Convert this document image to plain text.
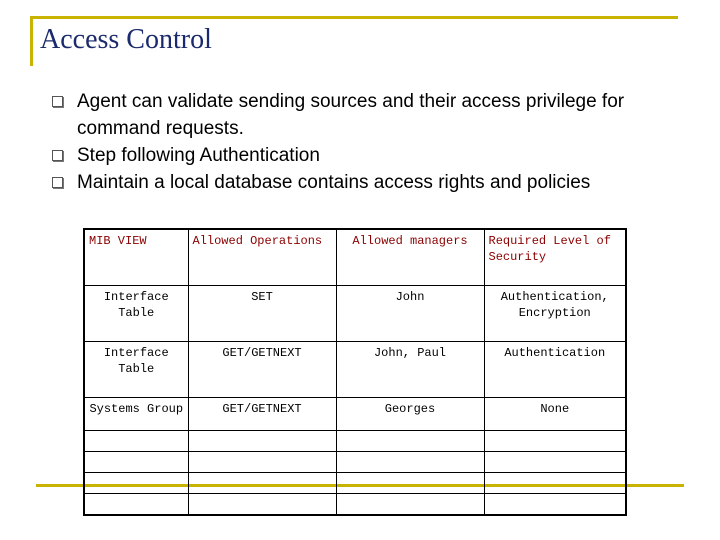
Access Control
Agent can validate sending sources and their access privilege for command requests.
Step following Authentication
Maintain a local database contains access rights and policies
MIB VIEW	Allowed Operations	Allowed managers	Required Level of Security
Interface Table	SET	John	Authentication, Encryption
Interface Table	GET/GETNEXT	John, Paul	Authentication
Systems Group	GET/GETNEXT	Georges	None
